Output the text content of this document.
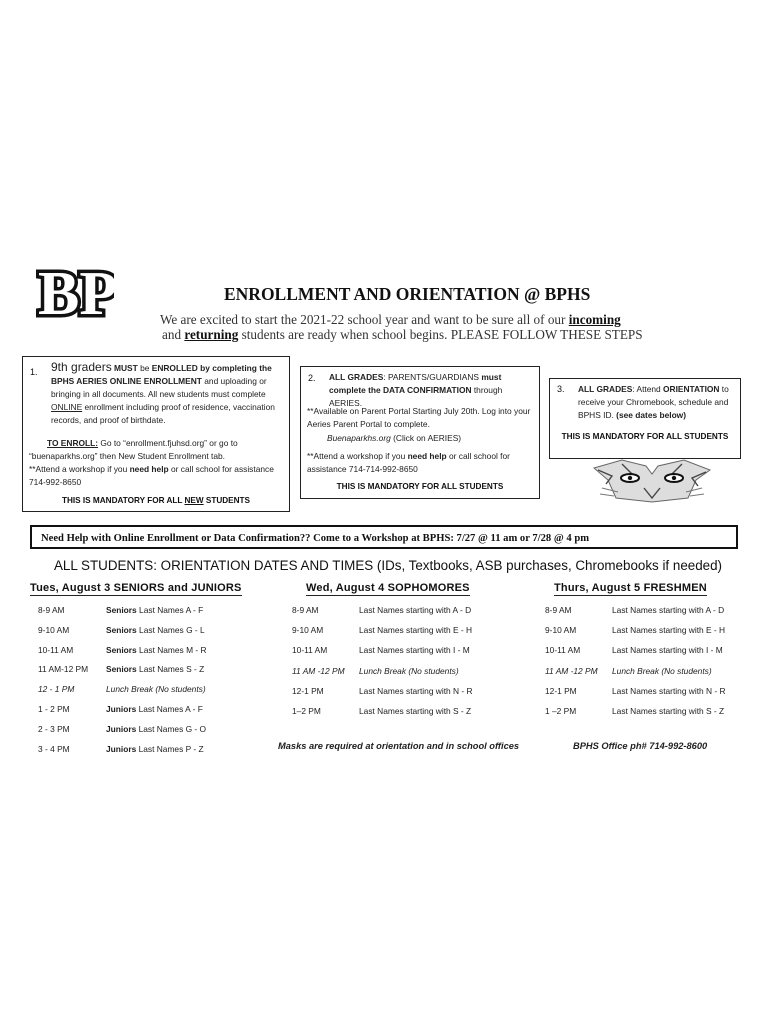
BP	ENROLLMENT AND ORIENTATION @ BPHS
We are excited to start the 2021-22 school year and want to be sure all of our incoming
and returning students are ready when school begins. PLEASE FOLLOW THESE STEPS
1. 9th graders MUST be ENROLLED by completing the BPHS AERIES ONLINE ENROLLMENT and uploading or bringing in all documents. All new students must complete ONLINE enrollment including proof of residence, vaccination records, and proof of birthdate.
TO ENROLL: Go to “enrollment.fjuhsd.org” or go to “buenaparkhs.org” then New Student Enrollment tab.
**Attend a workshop if you need help or call school for assistance 714-992-8650
THIS IS MANDATORY FOR ALL NEW STUDENTS
2. ALL GRADES: PARENTS/GUARDIANS must complete the DATA CONFIRMATION through AERIES.
**Available on Parent Portal Starting July 20th. Log into your Aeries Parent Portal to complete.
Buenaparkhs.org (Click on AERIES)
**Attend a workshop if you need help or call school for assistance 714-714-992-8650
THIS IS MANDATORY FOR ALL STUDENTS
3. ALL GRADES: Attend ORIENTATION to receive your Chromebook, schedule and BPHS ID. (see dates below)
THIS IS MANDATORY FOR ALL STUDENTS
Need Help with Online Enrollment or Data Confirmation?? Come to a Workshop at BPHS: 7/27 @ 11 am or 7/28 @ 4 pm
ALL STUDENTS: ORIENTATION DATES AND TIMES (IDs, Textbooks, ASB purchases, Chromebooks if needed)
Tues, August 3 SENIORS and JUNIORS	Wed, August 4 SOPHOMORES	Thurs, August 5 FRESHMEN
8-9 AM	Seniors Last Names A - F
9-10 AM	Seniors Last Names G - L
10-11 AM	Seniors Last Names M - R
11 AM-12 PM Seniors Last Names S - Z
12 - 1 PM	Lunch Break (No students)
1 - 2 PM	Juniors Last Names A - F
2 - 3 PM	Juniors Last Names G - O
3 - 4 PM	Juniors Last Names P - Z
8-9 AM	Last Names starting with A - D
9-10 AM	Last Names starting with E - H
10-11 AM	Last Names starting with I - M
11 AM -12 PM Lunch Break (No students)
12-1 PM	Last Names starting with N - R
1–2 PM	Last Names starting with S - Z
8-9 AM	Last Names starting with A - D
9-10 AM	Last Names starting with E - H
10-11 AM	Last Names starting with I - M
11 AM -12 PM Lunch Break (No students)
12-1 PM	Last Names starting with N - R
1 –2 PM	Last Names starting with S - Z
Masks are required at orientation and in school offices	BPHS Office ph# 714-992-8600
